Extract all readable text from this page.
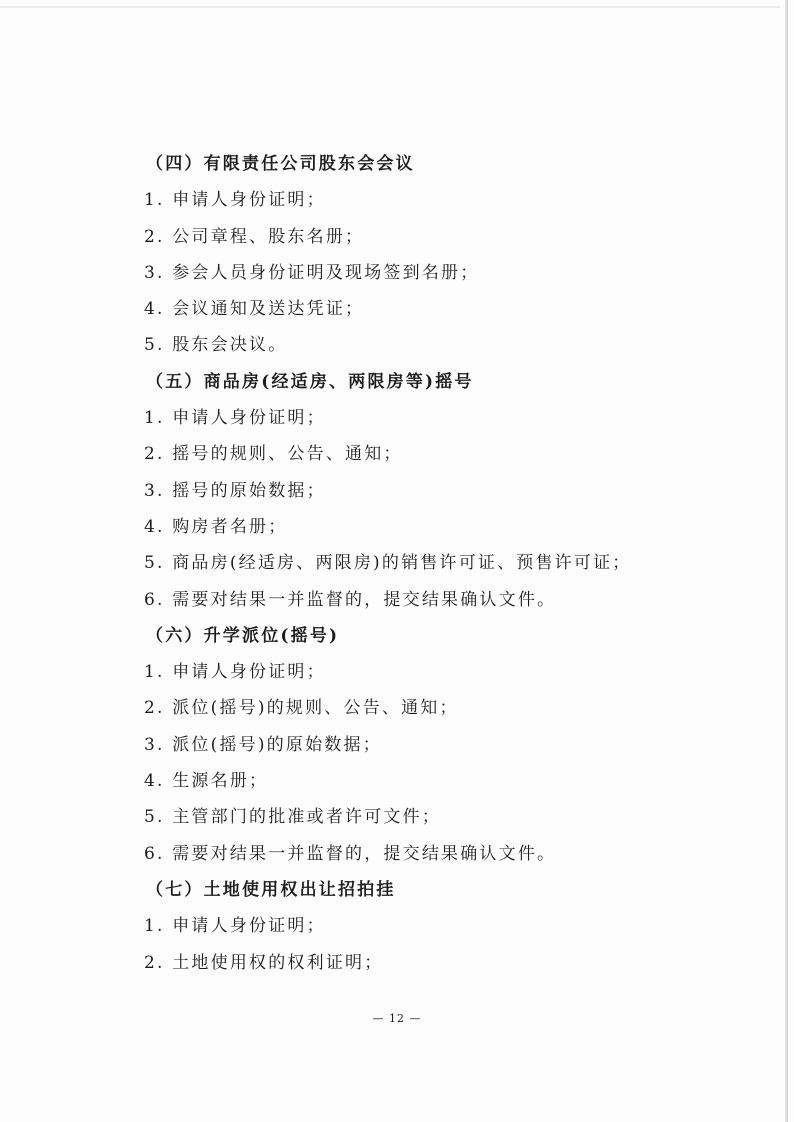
（四）有限责任公司股东会会议
1. 申请人身份证明；
2. 公司章程、股东名册；
3. 参会人员身份证明及现场签到名册；
4. 会议通知及送达凭证；
5. 股东会决议。
（五）商品房(经适房、两限房等)摇号
1. 申请人身份证明；
2. 摇号的规则、公告、通知；
3. 摇号的原始数据；
4. 购房者名册；
5. 商品房(经适房、两限房)的销售许可证、预售许可证；
6. 需要对结果一并监督的，提交结果确认文件。
（六）升学派位(摇号)
1. 申请人身份证明；
2. 派位(摇号)的规则、公告、通知；
3. 派位(摇号)的原始数据；
4. 生源名册；
5. 主管部门的批准或者许可文件；
6. 需要对结果一并监督的，提交结果确认文件。
（七）土地使用权出让招拍挂
1. 申请人身份证明；
2. 土地使用权的权利证明；
— 12 —
